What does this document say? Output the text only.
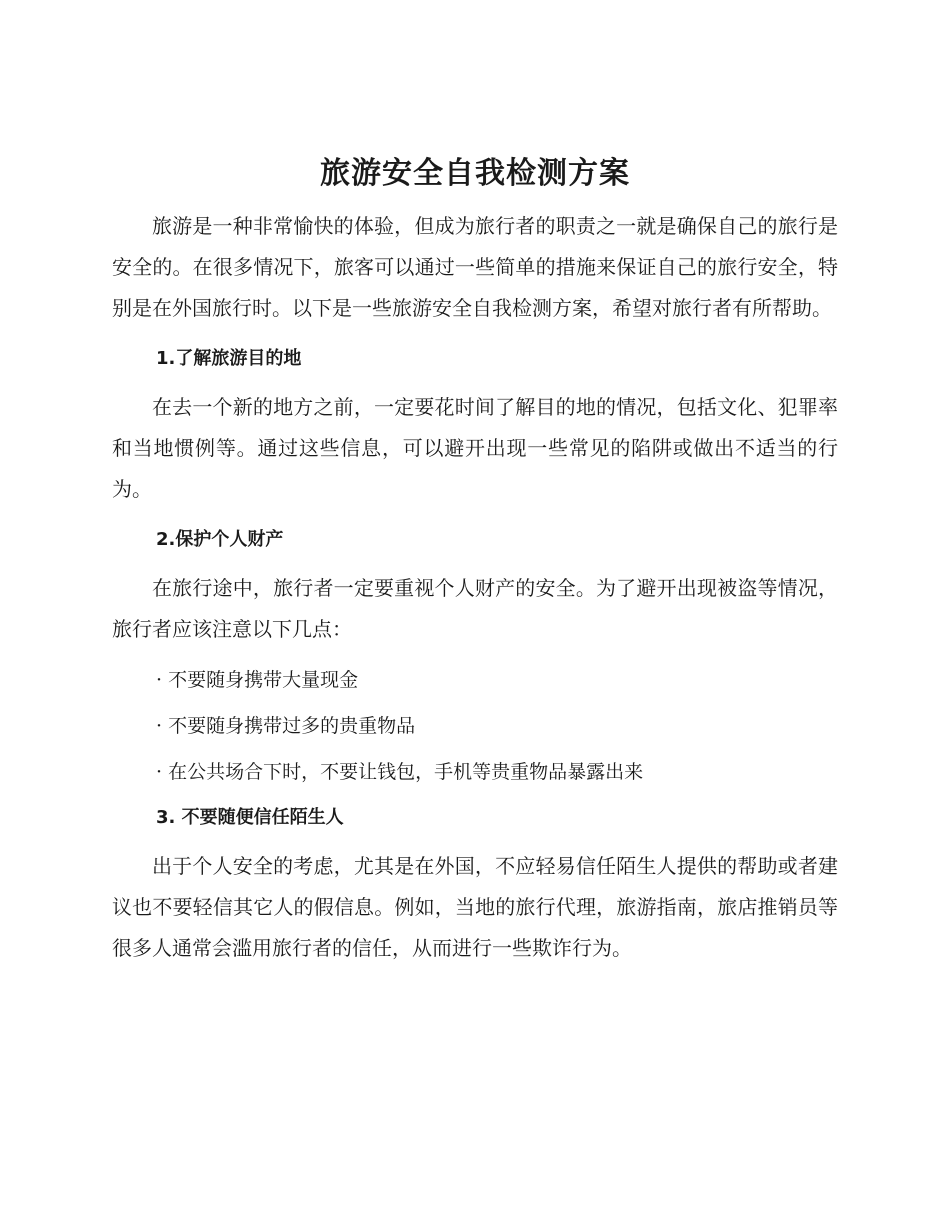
旅游安全自我检测方案

旅游是一种非常愉快的体验，但成为旅行者的职责之一就是确保自己的旅行是安全的。在很多情况下，旅客可以通过一些简单的措施来保证自己的旅行安全，特别是在外国旅行时。以下是一些旅游安全自我检测方案，希望对旅行者有所帮助。

1.了解旅游目的地

在去一个新的地方之前，一定要花时间了解目的地的情况，包括文化、犯罪率和当地惯例等。通过这些信息，可以避开出现一些常见的陷阱或做出不适当的行为。

2.保护个人财产

在旅行途中，旅行者一定要重视个人财产的安全。为了避开出现被盗等情况，旅行者应该注意以下几点：

· 不要随身携带大量现金
· 不要随身携带过多的贵重物品
· 在公共场合下时，不要让钱包，手机等贵重物品暴露出来
3. 不要随便信任陌生人

出于个人安全的考虑，尤其是在外国，不应轻易信任陌生人提供的帮助或者建议也不要轻信其它人的假信息。例如，当地的旅行代理，旅游指南，旅店推销员等很多人通常会滥用旅行者的信任，从而进行一些欺诈行为。
